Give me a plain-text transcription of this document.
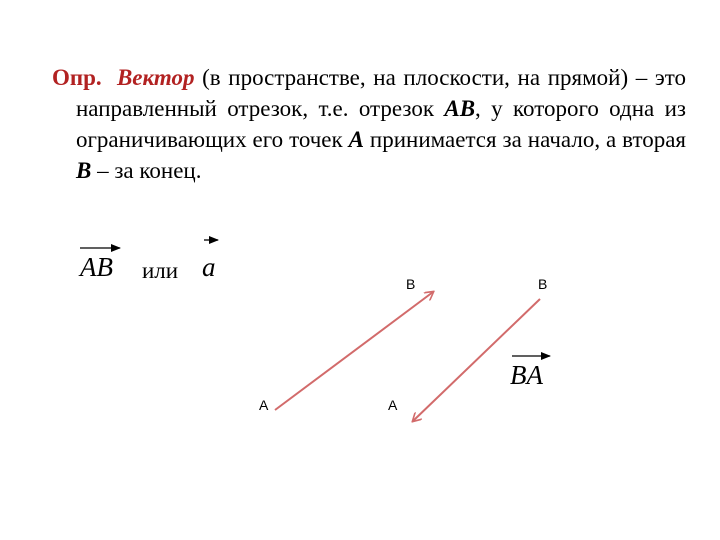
Опр. Вектор (в пространстве, на плоскости, на прямой) – это направленный отрезок, т.е. отрезок AB, у которого одна из ограничивающих его точек A принимается за начало, а вторая B – за конец.
AB или a
BA
B	B
A	A
